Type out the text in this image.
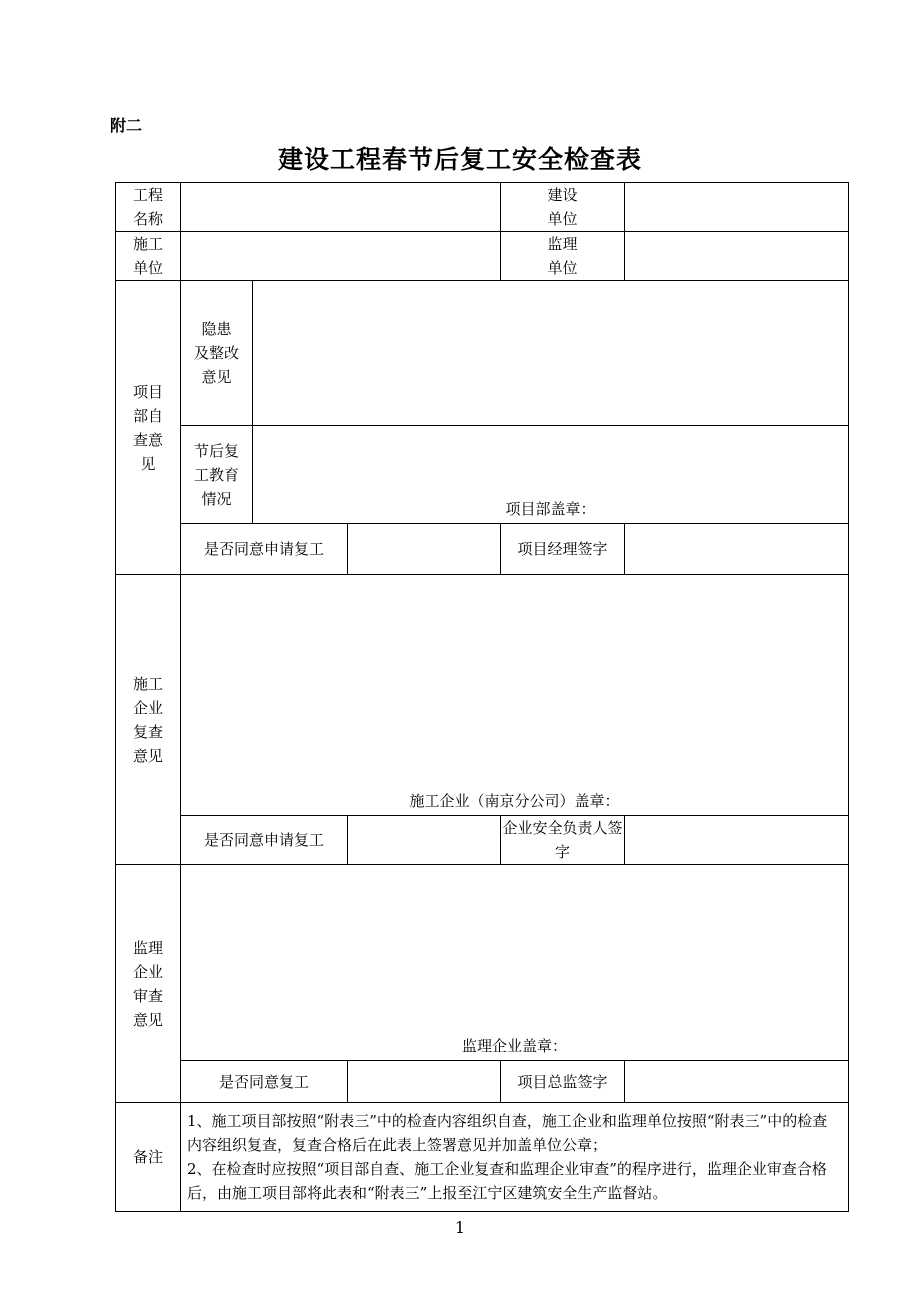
附二
建设工程春节后复工安全检查表
工程
名称				建设
单位	
施工
单位				监理
单位	
项目
部自
查意
见	隐患
及整改
意见				
	节后复
工教育
情况	项目部盖章：			
	是否同意申请复工			项目经理签字	
施工
企业
复查
意见	施工企业（南京分公司）盖章：				
	是否同意申请复工			企业安全负责人签字	
监理
企业
审查
意见	监理企业盖章：				
	是否同意复工			项目总监签字	
备注	1、施工项目部按照“附表三”中的检查内容组织自查，施工企业和监理单位按照“附表三”中的检查内容组织复查，复查合格后在此表上签署意见并加盖单位公章；
2、在检查时应按照“项目部自查、施工企业复查和监理企业审查”的程序进行，监理企业审查合格后，由施工项目部将此表和“附表三”上报至江宁区建筑安全生产监督站。				
1
